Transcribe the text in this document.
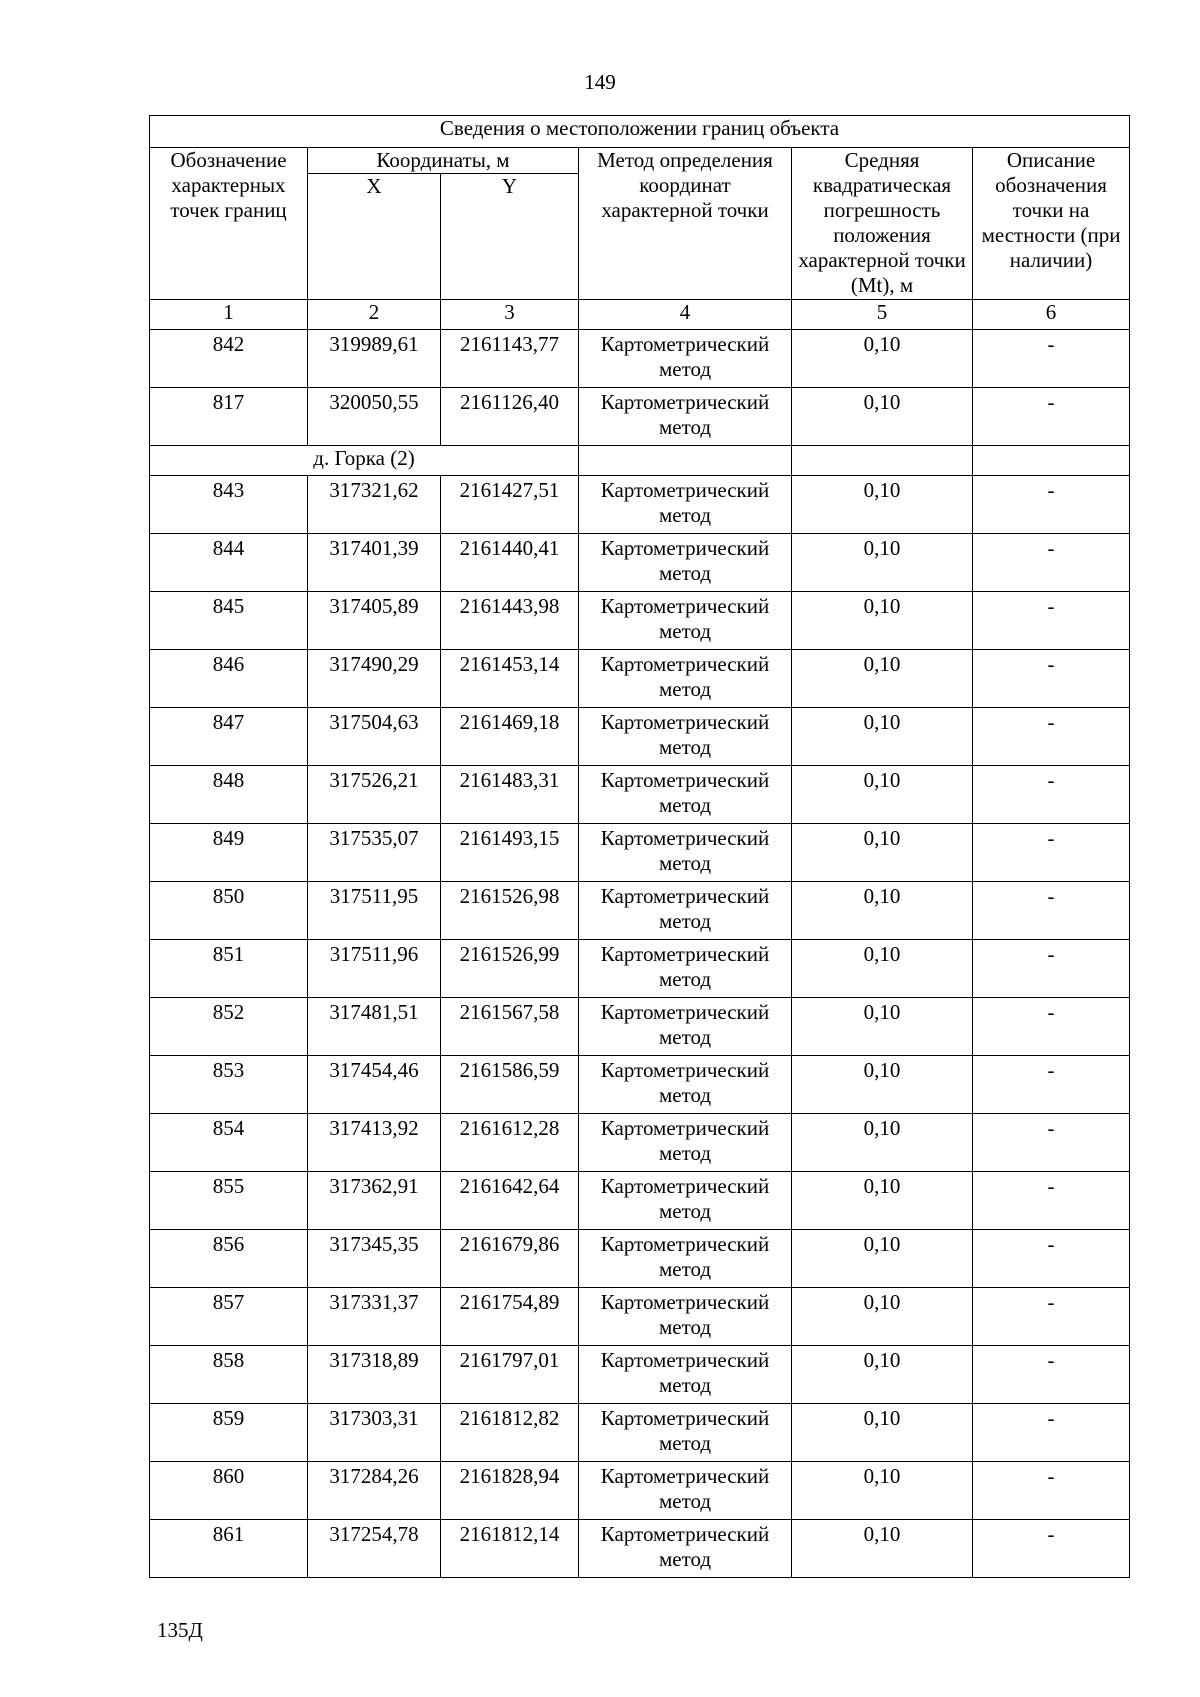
149
Сведения о местоположении границ объекта					
Обозначение характерных точек границ	Координаты, м		Метод определения координат характерной точки	Средняя квадратическая погрешность положения характерной точки (Mt), м	Описание обозначения точки на местности (при наличии)
	X	Y			
1	2	3	4	5	6
842	319989,61	2161143,77	Картометрический метод	0,10	-
817	320050,55	2161126,40	Картометрический метод	0,10	-
д. Горка (2)					
843	317321,62	2161427,51	Картометрический метод	0,10	-
844	317401,39	2161440,41	Картометрический метод	0,10	-
845	317405,89	2161443,98	Картометрический метод	0,10	-
846	317490,29	2161453,14	Картометрический метод	0,10	-
847	317504,63	2161469,18	Картометрический метод	0,10	-
848	317526,21	2161483,31	Картометрический метод	0,10	-
849	317535,07	2161493,15	Картометрический метод	0,10	-
850	317511,95	2161526,98	Картометрический метод	0,10	-
851	317511,96	2161526,99	Картометрический метод	0,10	-
852	317481,51	2161567,58	Картометрический метод	0,10	-
853	317454,46	2161586,59	Картометрический метод	0,10	-
854	317413,92	2161612,28	Картометрический метод	0,10	-
855	317362,91	2161642,64	Картометрический метод	0,10	-
856	317345,35	2161679,86	Картометрический метод	0,10	-
857	317331,37	2161754,89	Картометрический метод	0,10	-
858	317318,89	2161797,01	Картометрический метод	0,10	-
859	317303,31	2161812,82	Картометрический метод	0,10	-
860	317284,26	2161828,94	Картометрический метод	0,10	-
861	317254,78	2161812,14	Картометрический метод	0,10	-
135Д
